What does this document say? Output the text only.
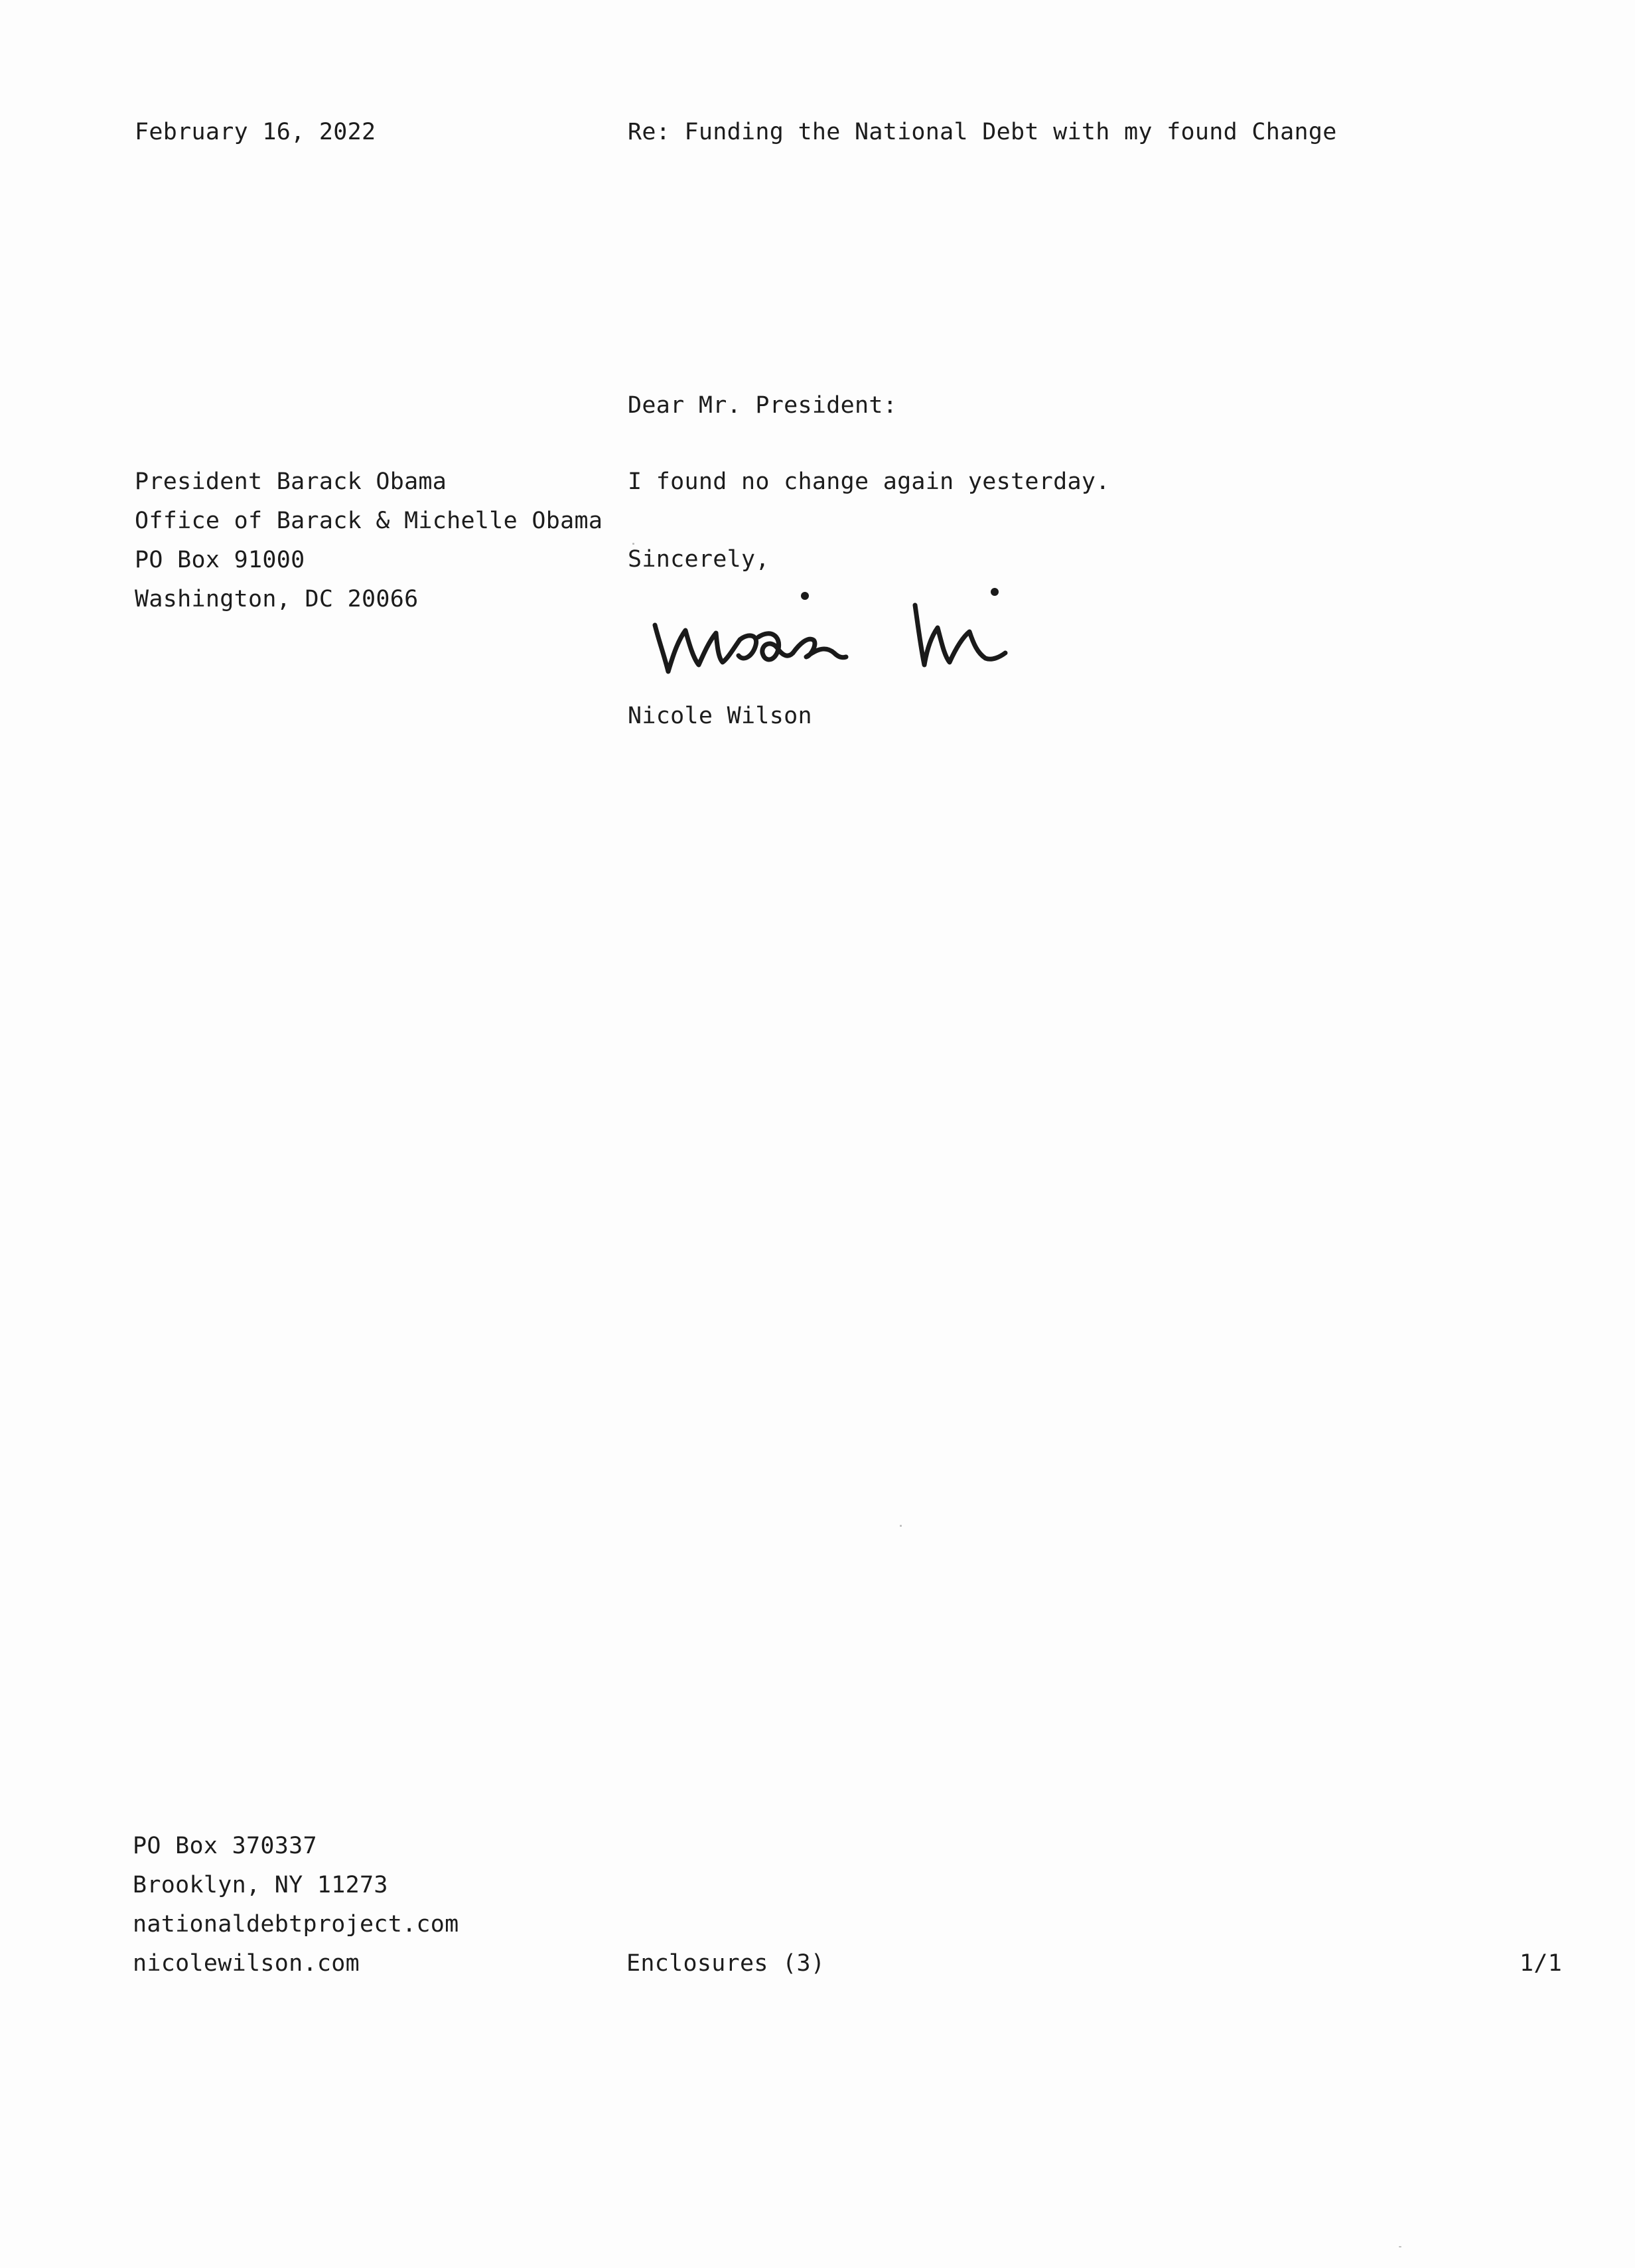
February 16, 2022	Re: Funding the National Debt with my found Change
Dear Mr. President:
President Barack Obama
Office of Barack & Michelle Obama
PO Box 91000
Washington, DC 20066
I found no change again yesterday.
Sincerely,
Nicole Wilson
PO Box 370337
Brooklyn, NY 11273
nationaldebtproject.com
nicolewilson.com	Enclosures (3)	1/1
